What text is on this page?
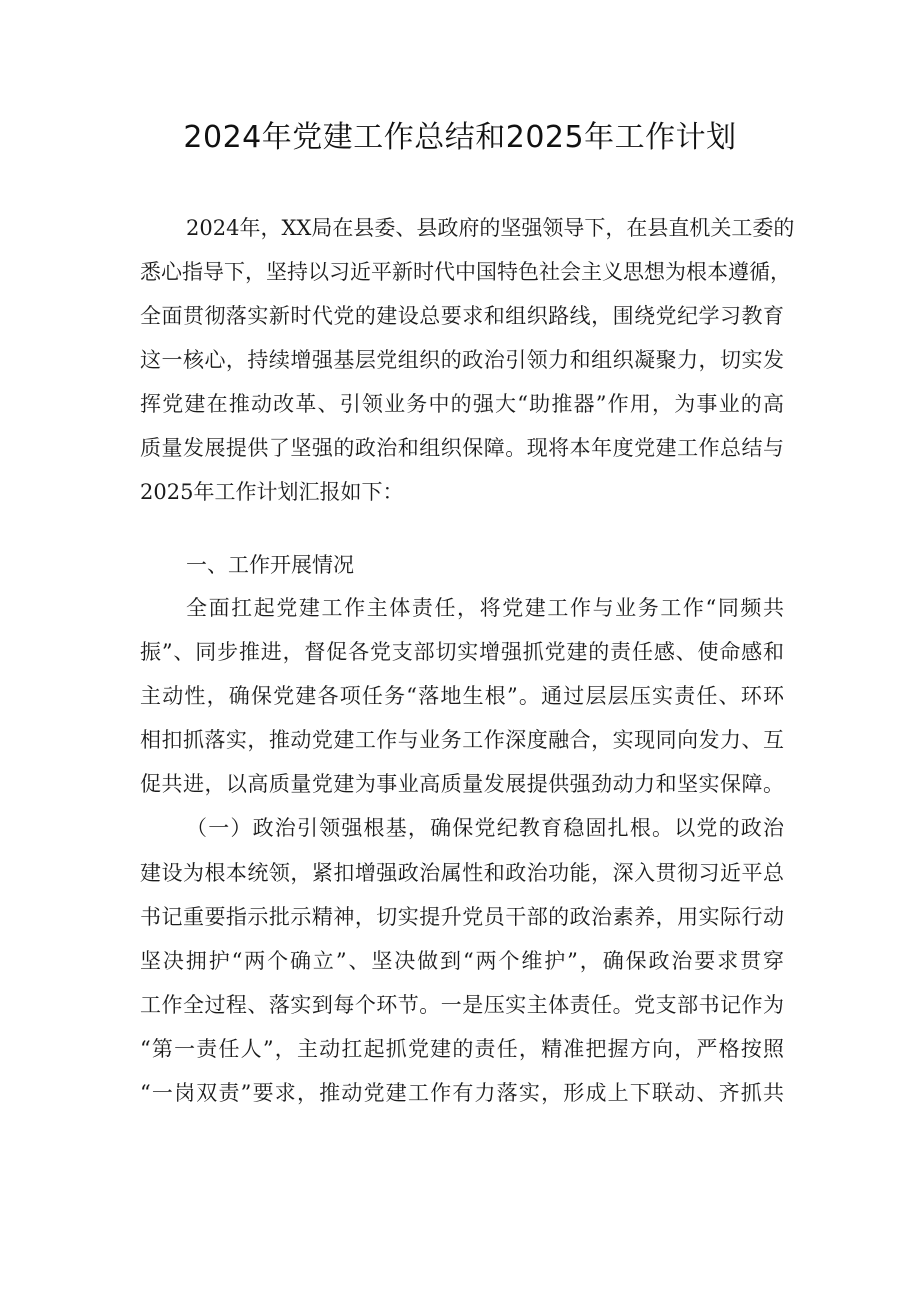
2024年党建工作总结和2025年工作计划
2024年，XX局在县委、县政府的坚强领导下，在县直机关工委的
悉心指导下，坚持以习近平新时代中国特色社会主义思想为根本遵循，
全面贯彻落实新时代党的建设总要求和组织路线，围绕党纪学习教育
这一核心，持续增强基层党组织的政治引领力和组织凝聚力，切实发
挥党建在推动改革、引领业务中的强大“助推器”作用，为事业的高
质量发展提供了坚强的政治和组织保障。现将本年度党建工作总结与
2025年工作计划汇报如下：
一、工作开展情况
全面扛起党建工作主体责任，将党建工作与业务工作“同频共
振”、同步推进，督促各党支部切实增强抓党建的责任感、使命感和
主动性，确保党建各项任务“落地生根”。通过层层压实责任、环环
相扣抓落实，推动党建工作与业务工作深度融合，实现同向发力、互
促共进，以高质量党建为事业高质量发展提供强劲动力和坚实保障。
（一）政治引领强根基，确保党纪教育稳固扎根。以党的政治
建设为根本统领，紧扣增强政治属性和政治功能，深入贯彻习近平总
书记重要指示批示精神，切实提升党员干部的政治素养，用实际行动
坚决拥护“两个确立”、坚决做到“两个维护”，确保政治要求贯穿
工作全过程、落实到每个环节。一是压实主体责任。党支部书记作为
“第一责任人”，主动扛起抓党建的责任，精准把握方向，严格按照
“一岗双责”要求，推动党建工作有力落实，形成上下联动、齐抓共
